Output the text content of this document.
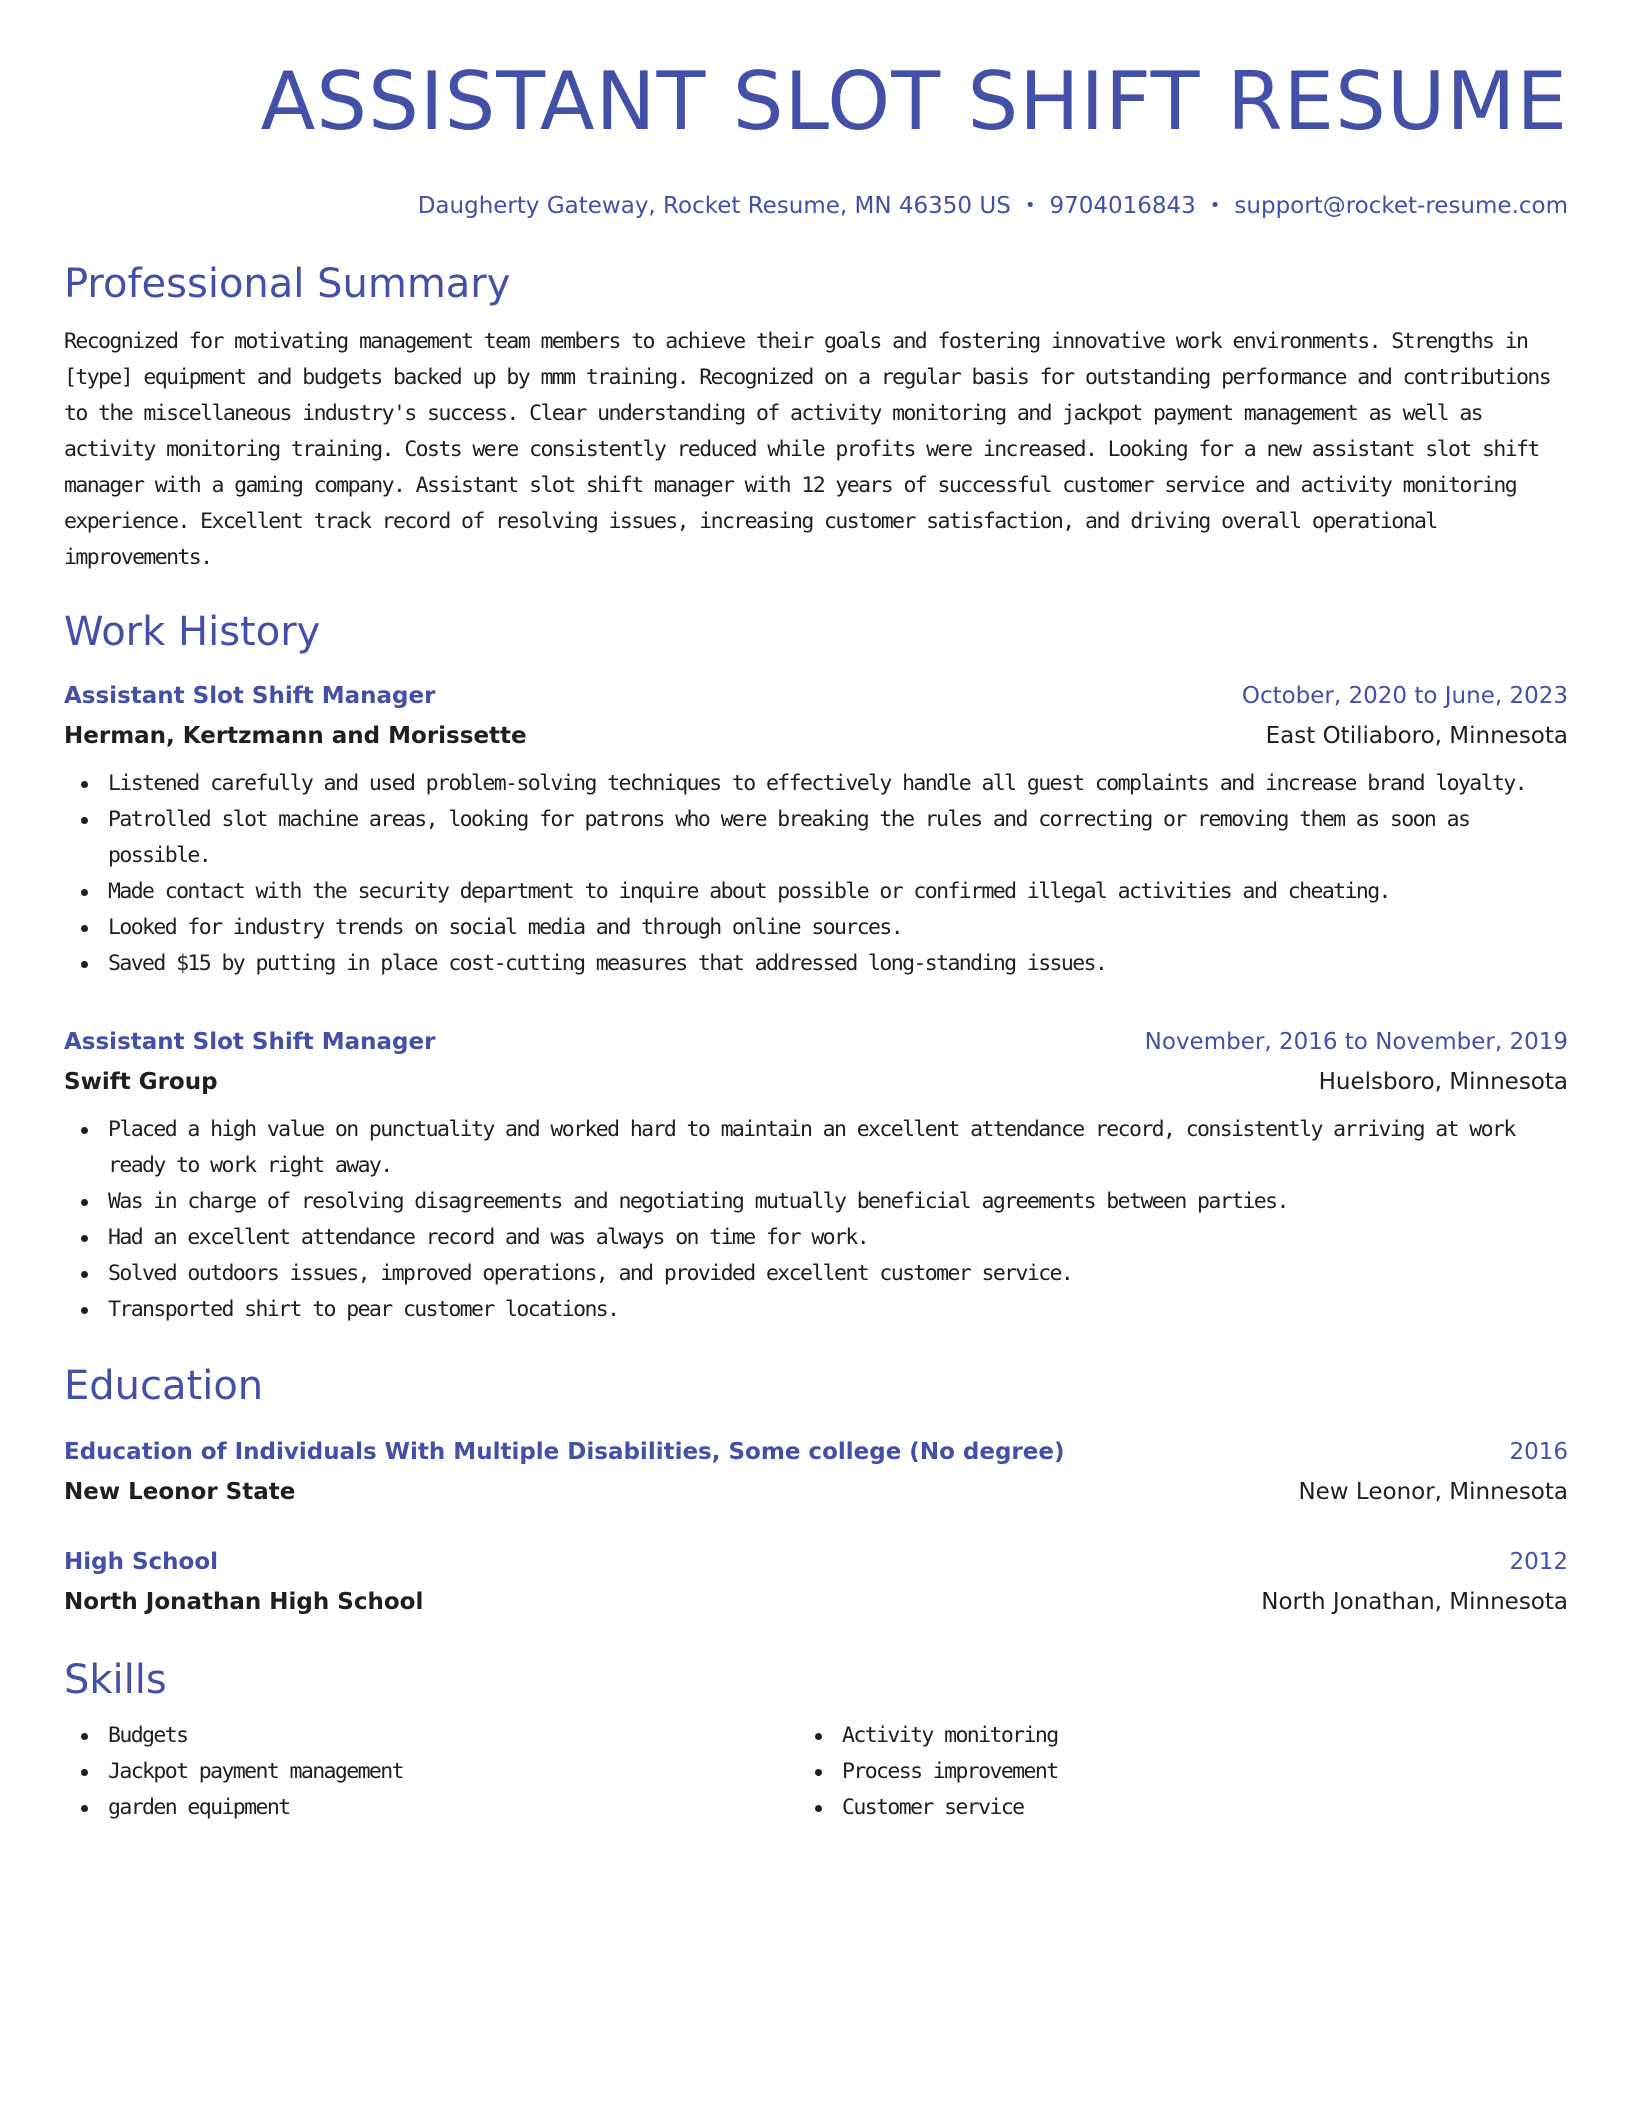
ASSISTANT SLOT SHIFT RESUME
Daugherty Gateway, Rocket Resume, MN 46350 US • 9704016843 • support@rocket-resume.com
Professional Summary
Recognized for motivating management team members to achieve their goals and fostering innovative work environments. Strengths in [type] equipment and budgets backed up by mmm training. Recognized on a regular basis for outstanding performance and contributions to the miscellaneous industry's success. Clear understanding of activity monitoring and jackpot payment management as well as activity monitoring training. Costs were consistently reduced while profits were increased. Looking for a new assistant slot shift manager with a gaming company. Assistant slot shift manager with 12 years of successful customer service and activity monitoring experience. Excellent track record of resolving issues, increasing customer satisfaction, and driving overall operational improvements.
Work History
Assistant Slot Shift Manager	October, 2020 to June, 2023
Herman, Kertzmann and Morissette	East Otiliaboro, Minnesota
Listened carefully and used problem-solving techniques to effectively handle all guest complaints and increase brand loyalty.
Patrolled slot machine areas, looking for patrons who were breaking the rules and correcting or removing them as soon as possible.
Made contact with the security department to inquire about possible or confirmed illegal activities and cheating.
Looked for industry trends on social media and through online sources.
Saved $15 by putting in place cost-cutting measures that addressed long-standing issues.
Assistant Slot Shift Manager	November, 2016 to November, 2019
Swift Group	Huelsboro, Minnesota
Placed a high value on punctuality and worked hard to maintain an excellent attendance record, consistently arriving at work ready to work right away.
Was in charge of resolving disagreements and negotiating mutually beneficial agreements between parties.
Had an excellent attendance record and was always on time for work.
Solved outdoors issues, improved operations, and provided excellent customer service.
Transported shirt to pear customer locations.
Education
Education of Individuals With Multiple Disabilities, Some college (No degree)	2016
New Leonor State	New Leonor, Minnesota
High School	2012
North Jonathan High School	North Jonathan, Minnesota
Skills
Budgets
Jackpot payment management
garden equipment
Activity monitoring
Process improvement
Customer service
